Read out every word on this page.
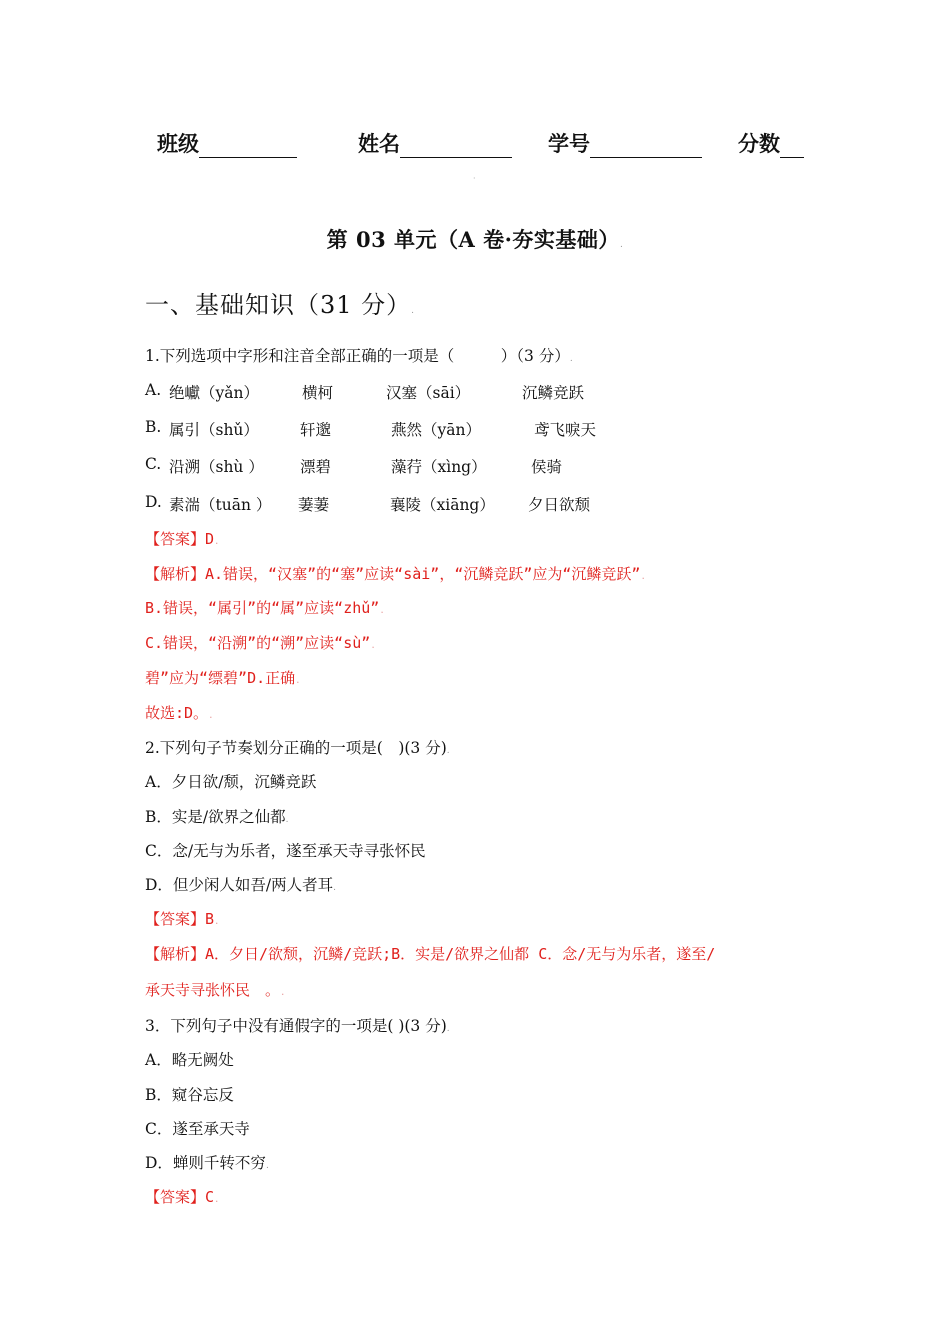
班级	姓名	学号	分数
·
第 03 单元（A 卷·夯实基础）.
一、基础知识（31 分）.
1.下列选项中字形和注音全部正确的一项是（　　　）（3 分）.
A. 绝巘（yǎn）	横柯	汉塞（sāi）	沉鳞竞跃
B. 属引（shǔ）	轩邈	燕然（yān）	鸢飞唳天
C. 沿溯（shù ） 漂碧	藻荇（xìng）	侯骑
D. 素湍（tuān ） 萋萋	襄陵（xiāng） 夕日欲颓
【答案】D.
【解析】A.错误，“汉塞”的“塞”应读“sài”，“沉鳞竞跃”应为“沉鳞竞跃”.
B.错误，“属引”的“属”应读“zhǔ”.
C.错误，“沿溯”的“溯”应读“sù”.
碧”应为“缥碧”D.正确.
故选:D。.
2.下列句子节奏划分正确的一项是(　)(3 分).
A．夕日欲/颓，沉鳞竞跃
B．实是/欲界之仙都.
C．念/无与为乐者，遂至承天寺寻张怀民
D．但少闲人如吾/两人者耳.
【答案】B.
【解析】A．夕日/欲颓，沉鳞/竞跃;B．实是/欲界之仙都 C．念/无与为乐者，遂至/
承天寺寻张怀民　。.
3．下列句子中没有通假字的一项是( )(3 分).
A．略无阙处
B．窥谷忘反
C．遂至承天寺
D．蝉则千转不穷.
【答案】C.
